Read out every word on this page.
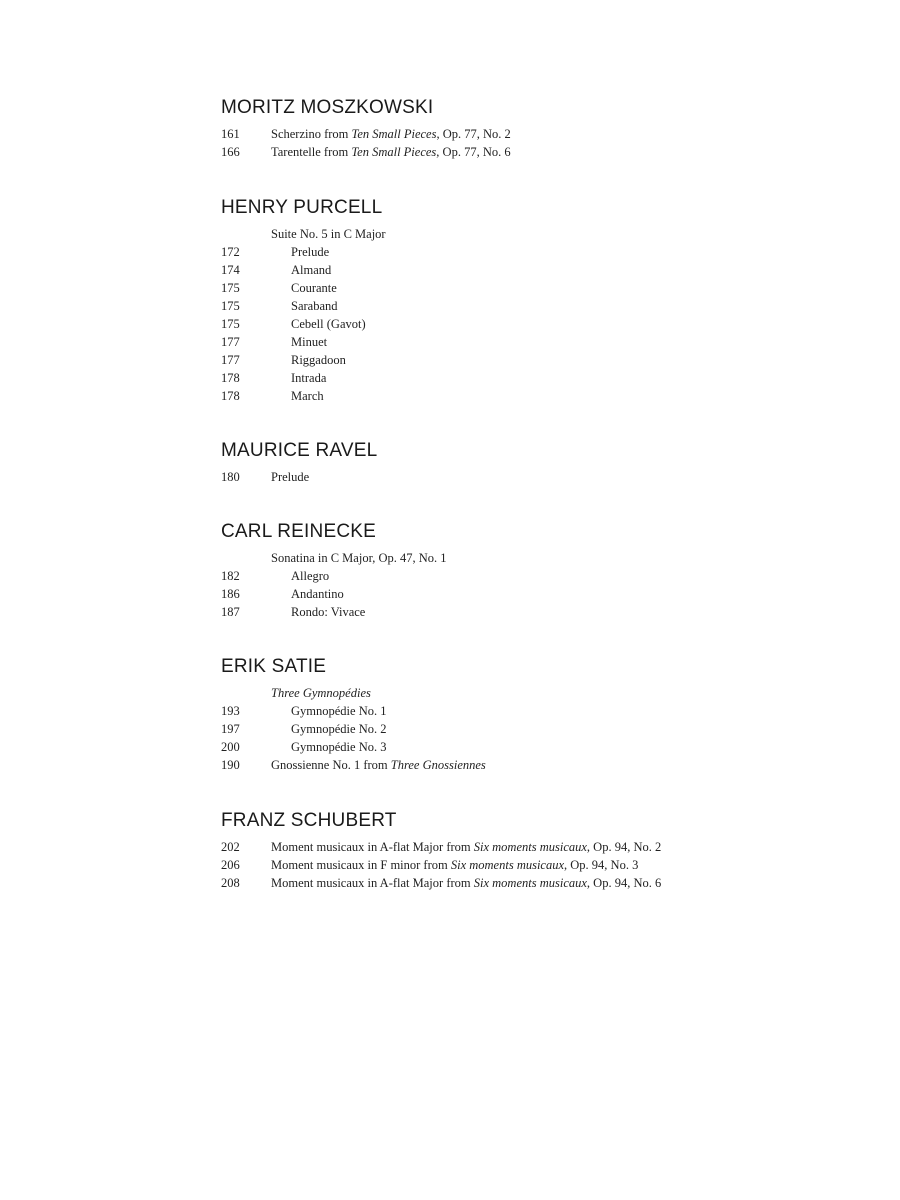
MORITZ MOSZKOWSKI
161	Scherzino from Ten Small Pieces, Op. 77, No. 2
166	Tarentelle from Ten Small Pieces, Op. 77, No. 6
HENRY PURCELL
Suite No. 5 in C Major
172	Prelude
174	Almand
175	Courante
175	Saraband
175	Cebell (Gavot)
177	Minuet
177	Riggadoon
178	Intrada
178	March
MAURICE RAVEL
180	Prelude
CARL REINECKE
Sonatina in C Major, Op. 47, No. 1
182	Allegro
186	Andantino
187	Rondo: Vivace
ERIK SATIE
Three Gymnopédies
193	Gymnopédie No. 1
197	Gymnopédie No. 2
200	Gymnopédie No. 3
190	Gnossienne No. 1 from Three Gnossiennes
FRANZ SCHUBERT
202	Moment musicaux in A-flat Major from Six moments musicaux, Op. 94, No. 2
206	Moment musicaux in F minor from Six moments musicaux, Op. 94, No. 3
208	Moment musicaux in A-flat Major from Six moments musicaux, Op. 94, No. 6
